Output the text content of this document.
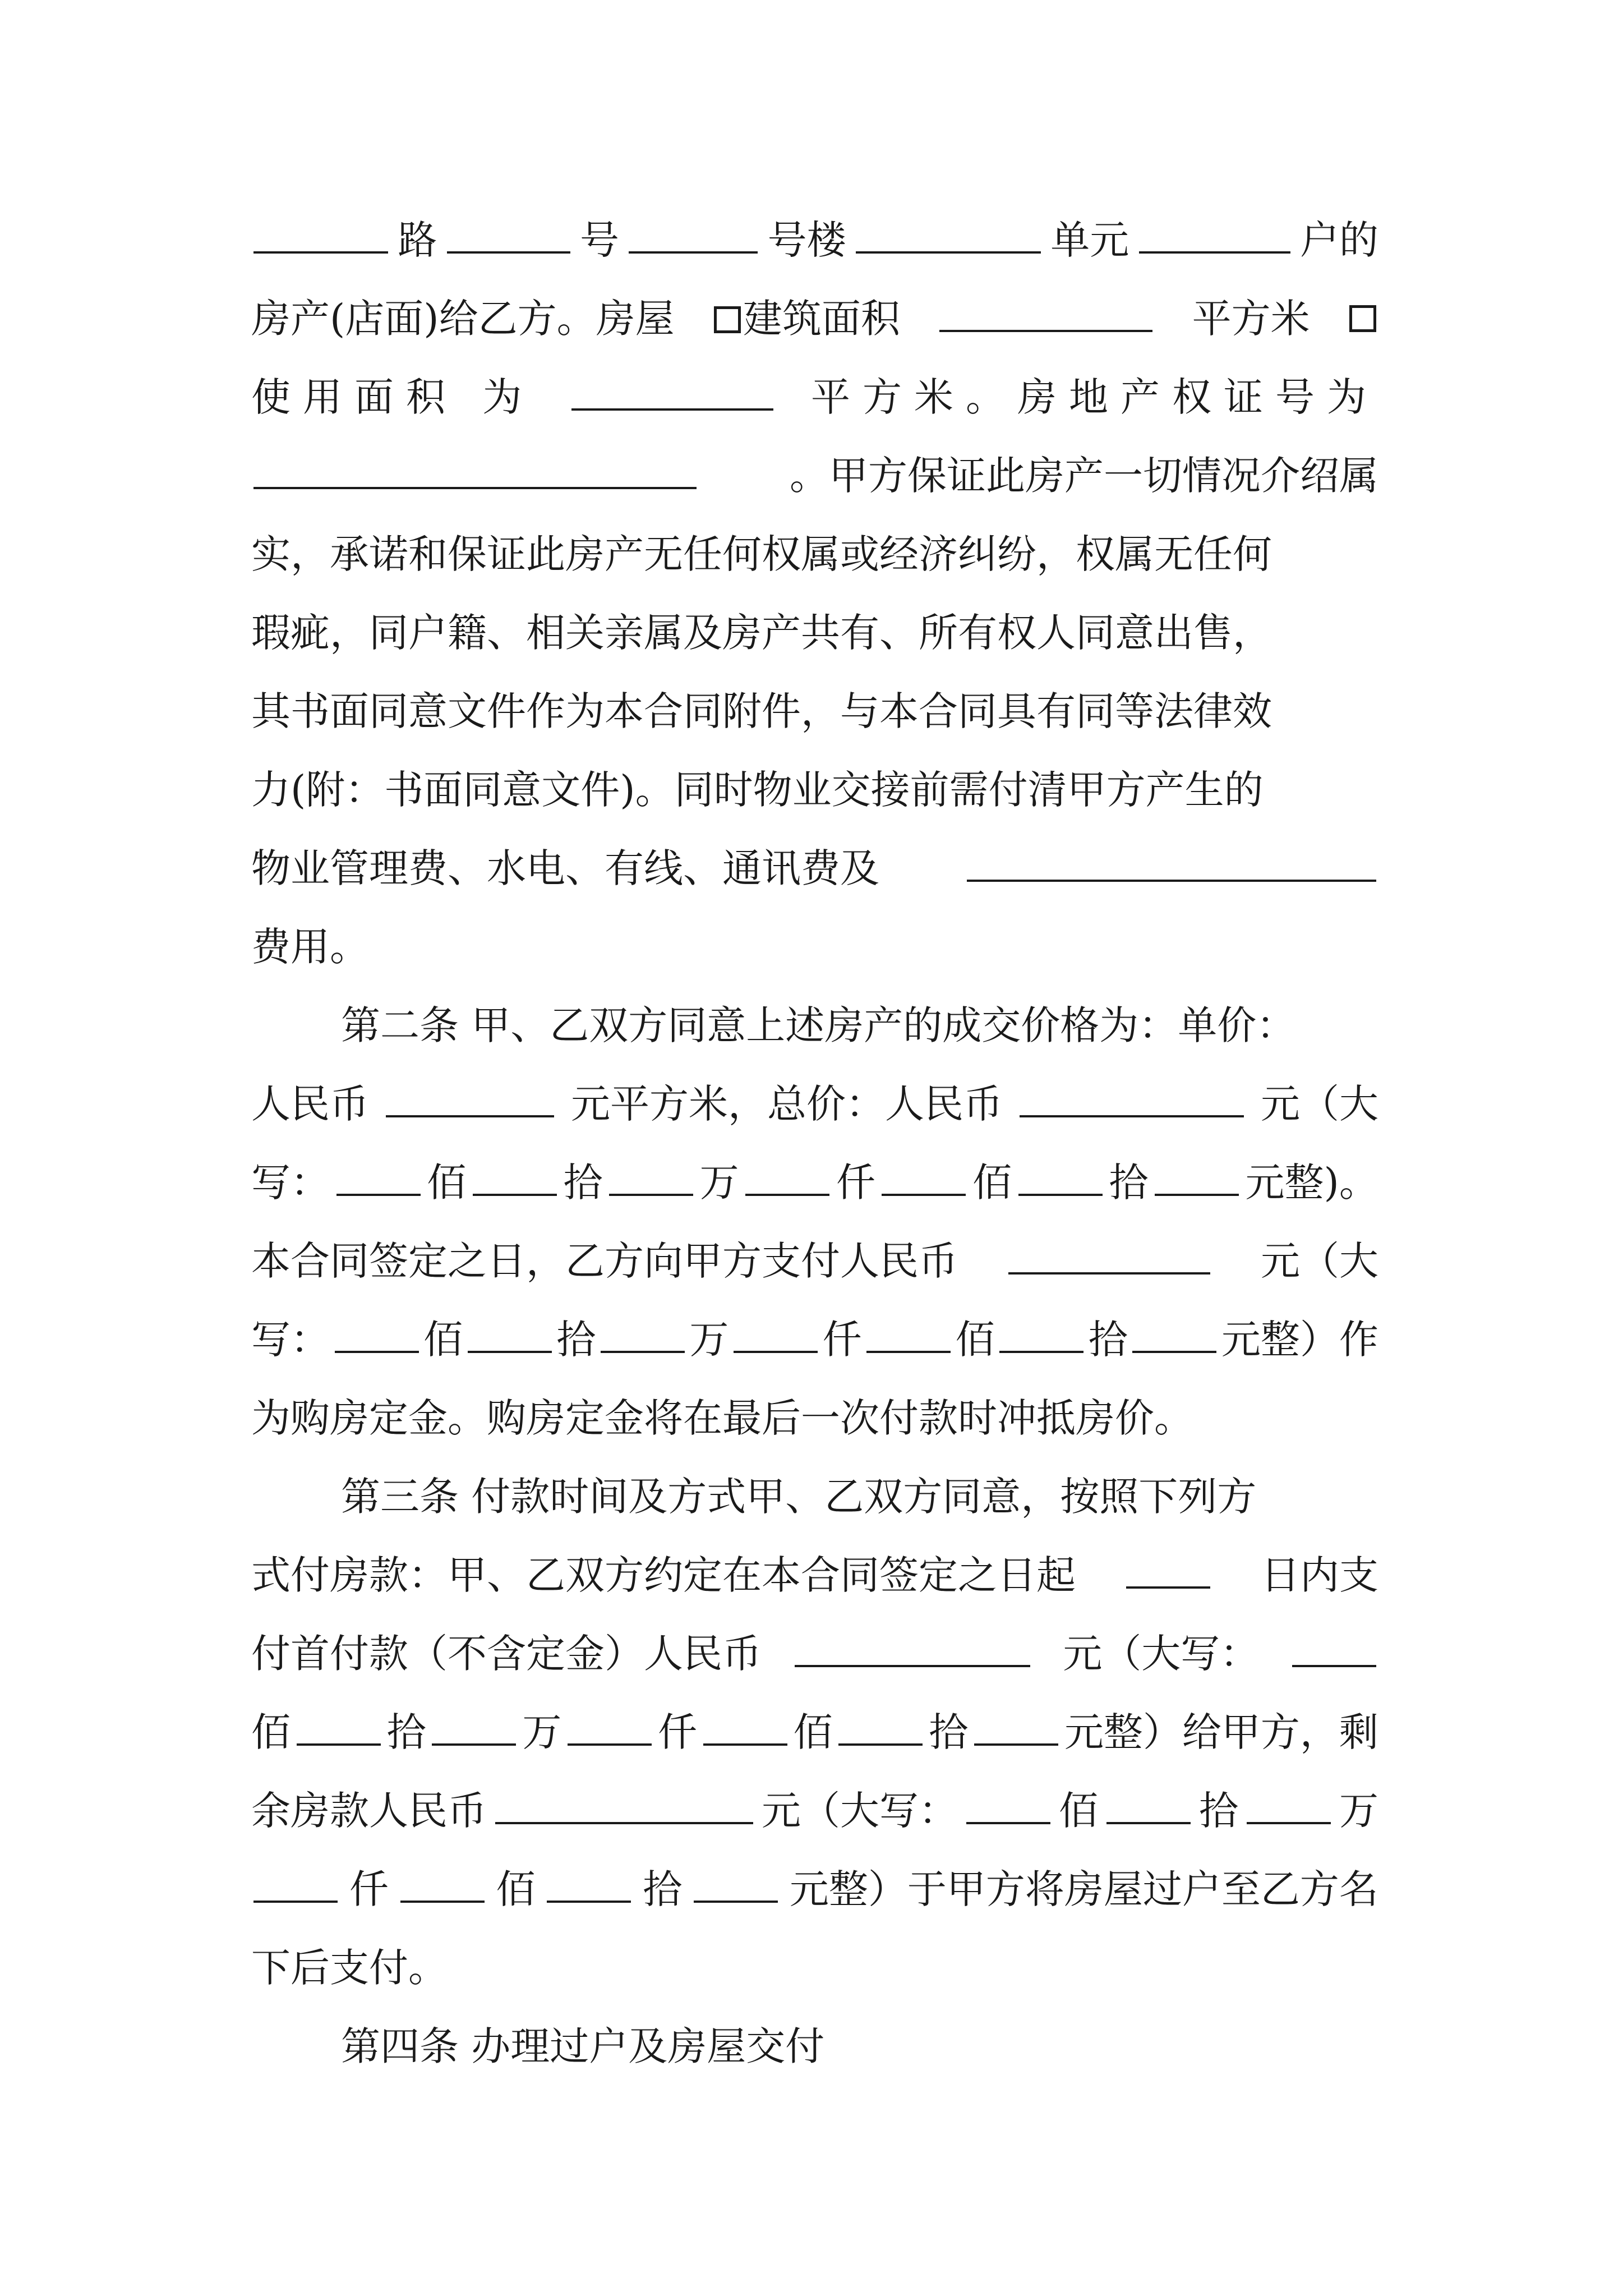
路	号	号楼	单元	户的
房产(店面)给乙方。房屋	建筑面积	平方米
使用面积 为	平方米。房地产权证号为
。甲方保证此房产一切情况介绍属
实，承诺和保证此房产无任何权属或经济纠纷，权属无任何
瑕疵，同户籍、相关亲属及房产共有、所有权人同意出售，
其书面同意文件作为本合同附件，与本合同具有同等法律效
力(附：书面同意文件)。同时物业交接前需付清甲方产生的
物业管理费、水电、有线、通讯费及
费用。
第二条 甲、乙双方同意上述房产的成交价格为：单价：
人民币	元平方米，总价：人民币	元（大
写： 佰 拾 万 仟 佰 拾 元整)。
本合同签定之日，乙方向甲方支付人民币	元（大
写： 佰 拾 万 仟 佰 拾 元整）作
为购房定金。购房定金将在最后一次付款时冲抵房价。
第三条 付款时间及方式甲、乙双方同意，按照下列方
式付房款：甲、乙双方约定在本合同签定之日起	日内支
付首付款（不含定金）人民币	元（大写：
佰 拾 万 仟 佰 拾 元整）给甲方，剩
余房款人民币	元（大写：	佰	拾	万
仟	佰	拾	元整）于甲方将房屋过户至乙方名
下后支付。
第四条 办理过户及房屋交付
